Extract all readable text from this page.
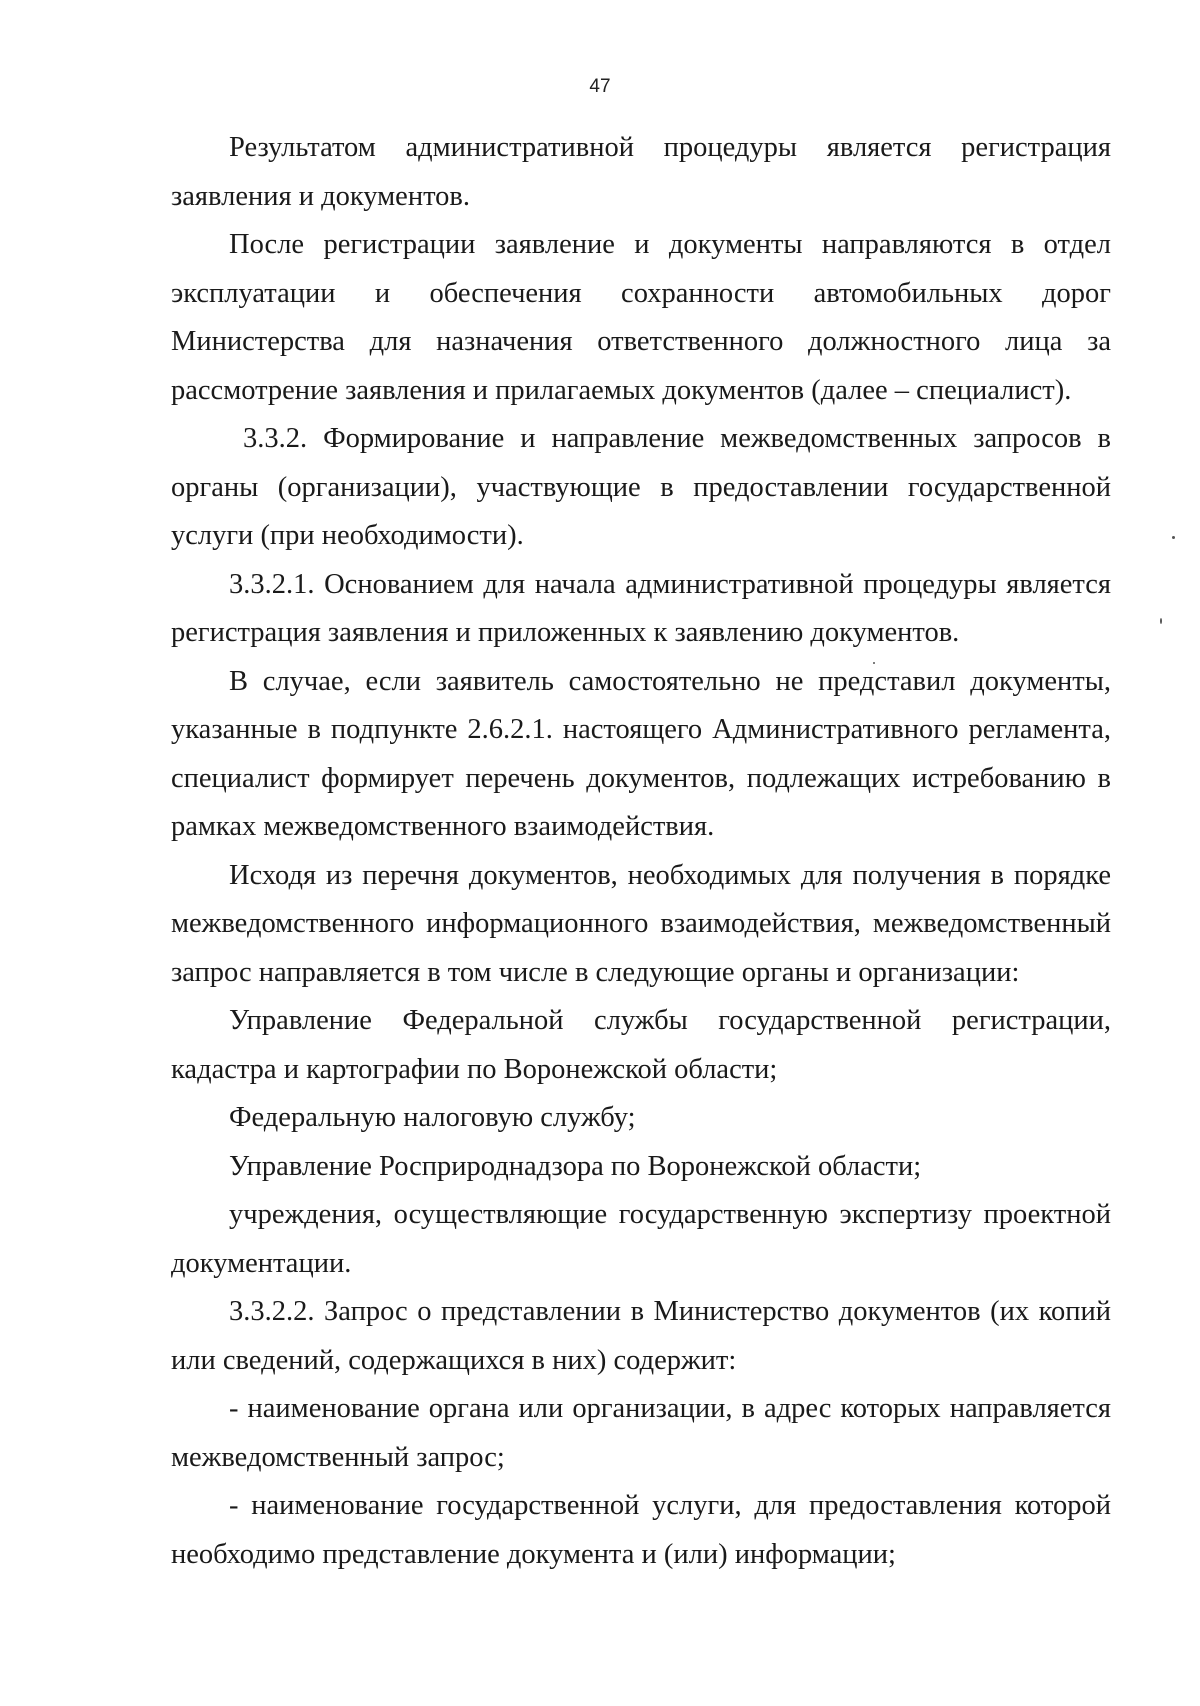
47

Результатом административной процедуры является регистрация
заявления и документов.

После регистрации заявление и документы направляются в отдел
эксплуатации и обеспечения сохранности автомобильных дорог
Министерства для назначения ответственного должностного лица за
рассмотрение заявления и прилагаемых документов (далее – специалист).

3.3.2. Формирование и направление межведомственных запросов в
органы (организации), участвующие в предоставлении государственной
услуги (при необходимости).

3.3.2.1. Основанием для начала административной процедуры является
регистрация заявления и приложенных к заявлению документов.

В случае, если заявитель самостоятельно не представил документы,
указанные в подпункте 2.6.2.1. настоящего Административного регламента,
специалист формирует перечень документов, подлежащих истребованию в
рамках межведомственного взаимодействия.

Исходя из перечня документов, необходимых для получения в порядке
межведомственного информационного взаимодействия, межведомственный
запрос направляется в том числе в следующие органы и организации:

Управление Федеральной службы государственной регистрации,
кадастра и картографии по Воронежской области;

Федеральную налоговую службу;

Управление Росприроднадзора по Воронежской области;

учреждения, осуществляющие государственную экспертизу проектной
документации.

3.3.2.2. Запрос о представлении в Министерство документов (их копий
или сведений, содержащихся в них) содержит:

- наименование органа или организации, в адрес которых направляется
межведомственный запрос;

- наименование государственной услуги, для предоставления которой
необходимо представление документа и (или) информации;
